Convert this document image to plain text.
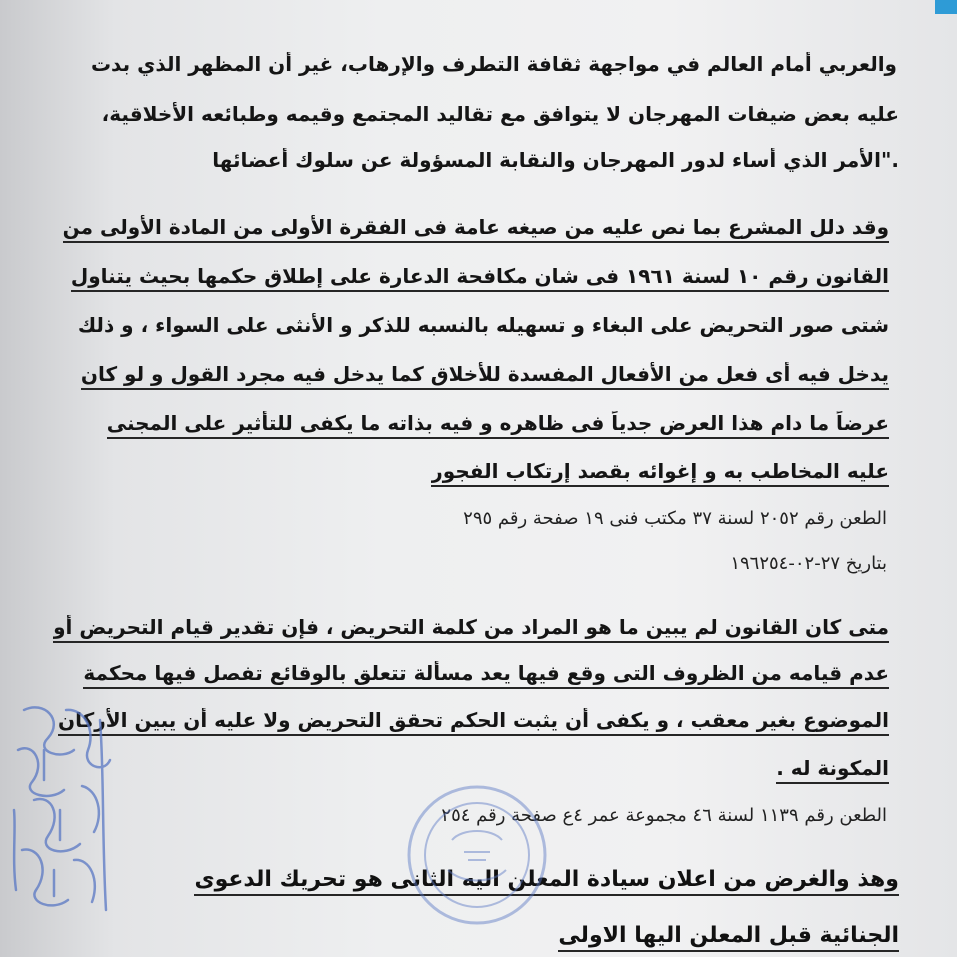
والعربي أمام العالم في مواجهة ثقافة التطرف والإرهاب، غير أن المظهر الذي بدت
عليه بعض ضيفات المهرجان لا يتوافق مع تقاليد المجتمع وقيمه وطبائعه الأخلاقية،
."الأمر الذي أساء لدور المهرجان والنقابة المسؤولة عن سلوك أعضائها
وقد دلل المشرع بما نص عليه من صيغه عامة فى الفقرة الأولى من المادة الأولى من
القانون رقم ١٠ لسنة ١٩٦١ فى شان مكافحة الدعارة على إطلاق حكمها بحيث يتناول
شتى صور التحريض على البغاء و تسهيله بالنسبه للذكر و الأنثى على السواء ، و ذلك
يدخل فيه أى فعل من الأفعال المفسدة للأخلاق كما يدخل فيه مجرد القول و لو كان
عرضاً ما دام هذا العرض جدياً فى ظاهره و فيه بذاته ما يكفى للتأثير على المجنى
عليه المخاطب به و إغوائه بقصد إرتكاب الفجور
الطعن رقم ٢٠٥٢ لسنة ٣٧ مكتب فنى ١٩ صفحة رقم ٢٩٥
بتاريخ ٢٧-٠٢-١٩٦٢٥٤
متى كان القانون لم يبين ما هو المراد من كلمة التحريض ، فإن تقدير قيام التحريض أو
عدم قيامه من الظروف التى وقع فيها يعد مسألة تتعلق بالوقائع تفصل فيها محكمة
الموضوع بغير معقب ، و يكفى أن يثبت الحكم تحقق التحريض ولا عليه أن يبين الأركان
المكونة له .
الطعن رقم ١١٣٩ لسنة ٤٦ مجموعة عمر ٤ع صفحة رقم ٢٥٤
وهذ والغرض من اعلان سيادة المعلن اليه الثانى هو تحريك الدعوى
الجنائية قبل المعلن اليها الاولى
